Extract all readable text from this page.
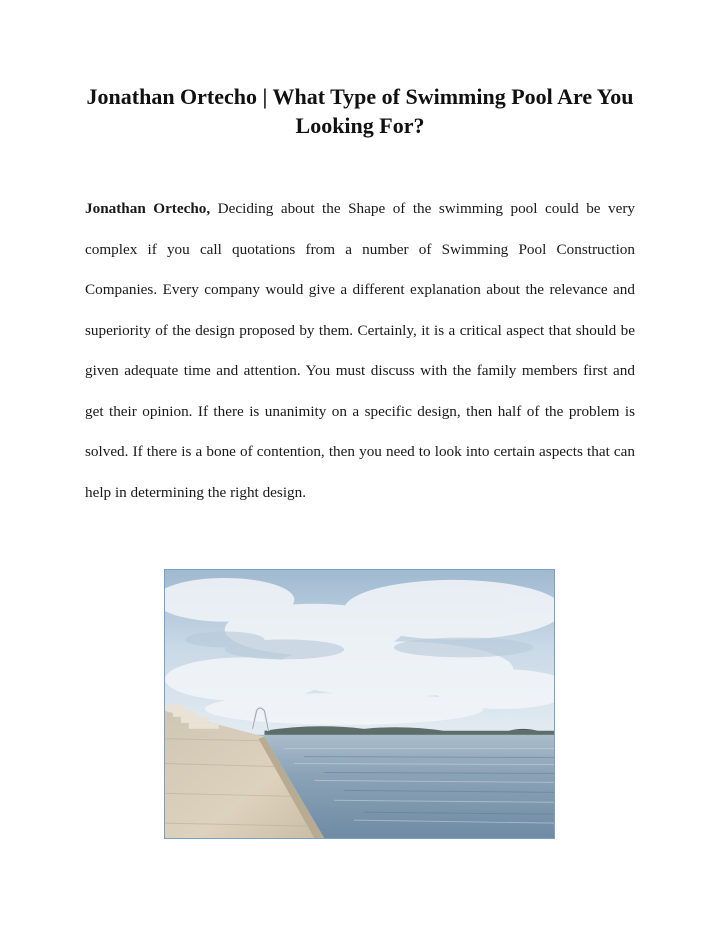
Jonathan Ortecho | What Type of Swimming Pool Are You Looking For?

Jonathan Ortecho, Deciding about the Shape of the swimming pool could be very complex if you call quotations from a number of Swimming Pool Construction Companies. Every company would give a different explanation about the relevance and superiority of the design proposed by them. Certainly, it is a critical aspect that should be given adequate time and attention. You must discuss with the family members first and get their opinion. If there is unanimity on a specific design, then half of the problem is solved. If there is a bone of contention, then you need to look into certain aspects that can help in determining the right design.
